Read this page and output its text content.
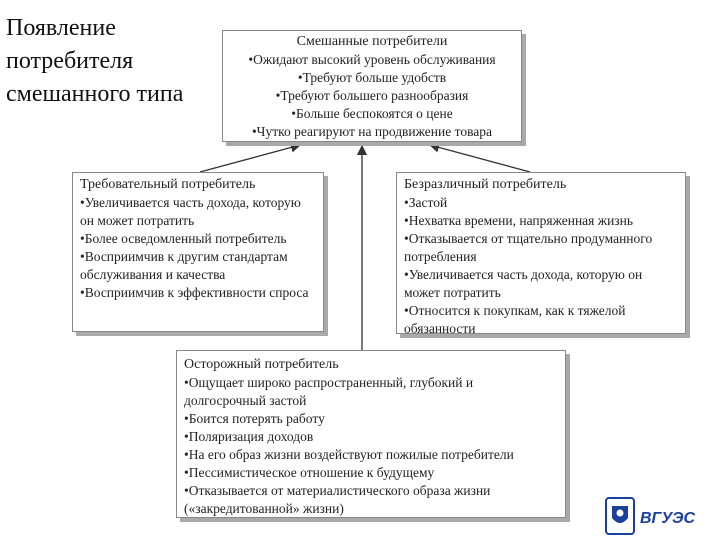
Появление потребителя смешанного типа
Смешанные потребители
•Ожидают высокий уровень обслуживания
•Требуют больше удобств
•Требуют большего разнообразия
•Больше беспокоятся о цене
•Чутко реагируют на продвижение товара
Требовательный потребитель
•Увеличивается часть дохода, которую он может потратить
•Более осведомленный потребитель
•Восприимчив к другим стандартам обслуживания и качества
•Восприимчив к эффективности спроса
Безразличный потребитель
•Застой
•Нехватка времени, напряженная жизнь
•Отказывается от тщательно продуманного потребления
•Увеличивается часть дохода, которую он может потратить
•Относится к покупкам, как к тяжелой обязанности
Осторожный потребитель
•Ощущает широко распространенный, глубокий и долгосрочный застой
•Боится потерять работу
•Поляризация доходов
•На его образ жизни воздействуют пожилые потребители
•Пессимистическое отношение к будущему
•Отказывается от материалистического образа жизни («закредитованной» жизни)
ВГУЭС
